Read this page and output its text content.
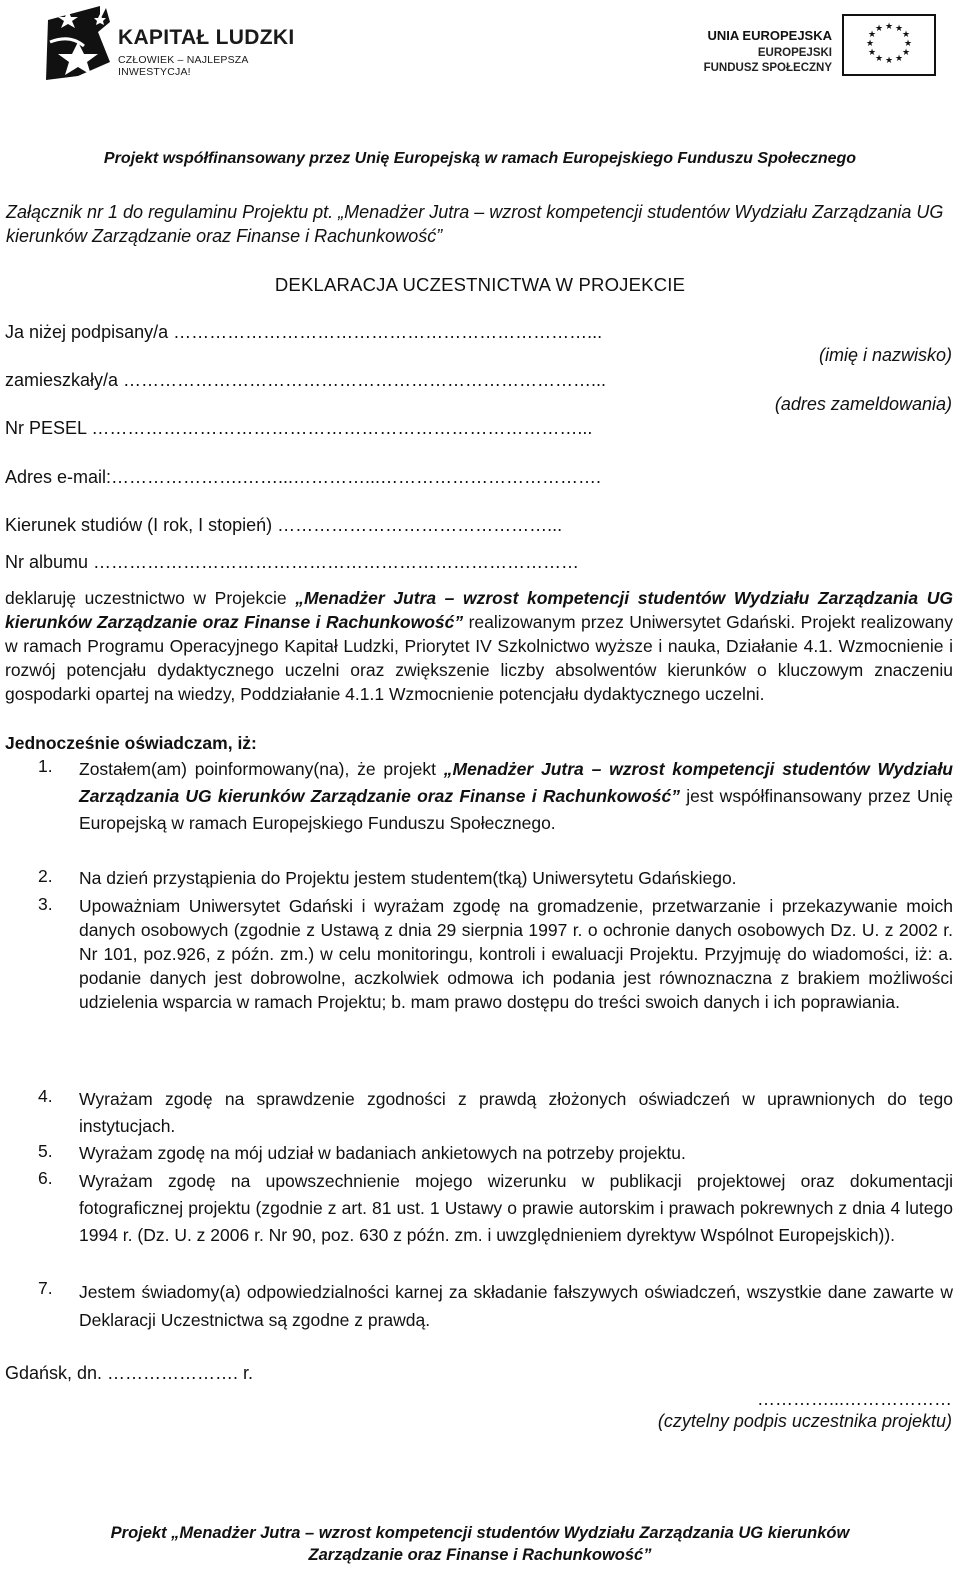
KAPITAŁ LUDZKI
CZŁOWIEK – NAJLEPSZA INWESTYCJA!
UNIA EUROPEJSKA
EUROPEJSKI
FUNDUSZ SPOŁECZNY
★ ★
★
★
★
★
★
★
★
★
★
★
Projekt współfinansowany przez Unię Europejską w ramach Europejskiego Funduszu Społecznego
Załącznik nr 1 do regulaminu Projektu pt. „Menadżer Jutra – wzrost kompetencji studentów Wydziału Zarządzania UG kierunków Zarządzanie oraz Finanse i Rachunkowość”
DEKLARACJA UCZESTNICTWA W PROJEKCIE
Ja niżej podpisany/a ……………………………………………………………...
(imię i nazwisko)
zamieszkały/a ……………………………………………………………………...
(adres zameldowania)
Nr PESEL ………………………………………………………………………...
Adres e-mail:………………….……...…………...……………………………….
Kierunek studiów (I rok, I stopień) ………………………………………...
Nr albumu ………………………………………………………………………
deklaruję uczestnictwo w Projekcie „Menadżer Jutra – wzrost kompetencji studentów Wydziału Zarządzania UG kierunków Zarządzanie oraz Finanse i Rachunkowość” realizowanym przez Uniwersytet Gdański. Projekt realizowany w ramach Programu Operacyjnego Kapitał Ludzki, Priorytet IV Szkolnictwo wyższe i nauka, Działanie 4.1. Wzmocnienie i rozwój potencjału dydaktycznego uczelni oraz zwiększenie liczby absolwentów kierunków o kluczowym znaczeniu gospodarki opartej na wiedzy, Poddziałanie 4.1.1 Wzmocnienie potencjału dydaktycznego uczelni.
Jednocześnie oświadczam, iż:
1.	Zostałem(am) poinformowany(na), że projekt „Menadżer Jutra – wzrost kompetencji studentów Wydziału Zarządzania UG kierunków Zarządzanie oraz Finanse i Rachunkowość” jest współfinansowany przez Unię Europejską w ramach Europejskiego Funduszu Społecznego.
2.	Na dzień przystąpienia do Projektu jestem studentem(tką) Uniwersytetu Gdańskiego.
3.	Upoważniam Uniwersytet Gdański i wyrażam zgodę na gromadzenie, przetwarzanie i przekazywanie moich danych osobowych (zgodnie z Ustawą z dnia 29 sierpnia 1997 r. o ochronie danych osobowych Dz. U. z 2002 r. Nr 101, poz.926, z późn. zm.) w celu monitoringu, kontroli i ewaluacji Projektu. Przyjmuję do wiadomości, iż: a. podanie danych jest dobrowolne, aczkolwiek odmowa ich podania jest równoznaczna z brakiem możliwości udzielenia wsparcia w ramach Projektu; b. mam prawo dostępu do treści swoich danych i ich poprawiania.
4.	Wyrażam zgodę na sprawdzenie zgodności z prawdą złożonych oświadczeń w uprawnionych do tego instytucjach.
5.	Wyrażam zgodę na mój udział w badaniach ankietowych na potrzeby projektu.
6.	Wyrażam zgodę na upowszechnienie mojego wizerunku w publikacji projektowej oraz dokumentacji fotograficznej projektu (zgodnie z art. 81 ust. 1 Ustawy o prawie autorskim i prawach pokrewnych z dnia 4 lutego 1994 r. (Dz. U. z 2006 r. Nr 90, poz. 630 z późn. zm. i uwzględnieniem dyrektyw Wspólnot Europejskich)).
7.	Jestem świadomy(a) odpowiedzialności karnej za składanie fałszywych oświadczeń, wszystkie dane zawarte w Deklaracji Uczestnictwa są zgodne z prawdą.
Gdańsk, dn. …………………. r.
…………...………………
(czytelny podpis uczestnika projektu)
Projekt „Menadżer Jutra – wzrost kompetencji studentów Wydziału Zarządzania UG kierunków
Zarządzanie oraz Finanse i Rachunkowość”
